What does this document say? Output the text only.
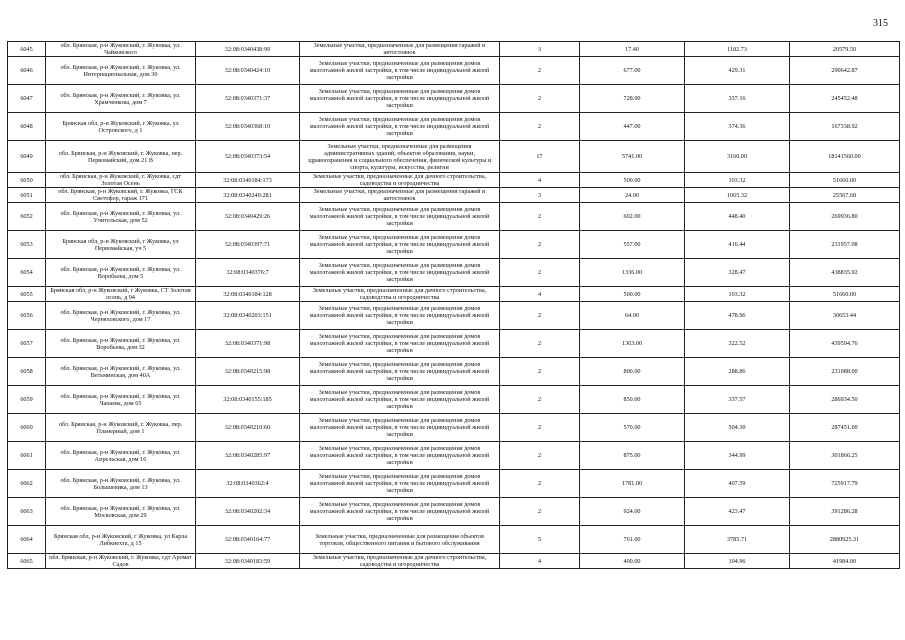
315
6045	обл. Брянская, р-н Жуковский, г. Жуковка, ул. Чайковского	32:08:0340438:99	Земельные участки, предназначенные для размещения гаражей и автостоянок	3	17.40	1182.73	20579.50
6046	обл. Брянская, р-н Жуковский, г. Жуковка, ул. Интернациональная, дом 30	32:08:0340424:10	Земельные участки, предназначенные для размещения домов малоэтажной жилой застройки, в том числе индивидуальной жилой застройки	2	677.00	429.31	290642.87
6047	обл. Брянская, р-н Жуковский, г. Жуковка, ул. Храмченкова, дом 7	32:08:0340371:37	Земельные участки, предназначенные для размещения домов малоэтажной жилой застройки, в том числе индивидуальной жилой застройки	2	728.00	337.16	245452.48
6048	Брянская обл, р-н Жуковский, г Жуковка, ул Островского, д 1	32:08:0340368:10	Земельные участки, предназначенные для размещения домов малоэтажной жилой застройки, в том числе индивидуальной жилой застройки	2	447.00	374.36	167338.92
6049	обл. Брянская, р-н Жуковский, г. Жуковка, пер. Первомайский, дом 21 В	32:08:0340373:54	Земельные участки, предназначенные для размещения административных зданий, объектов образования, науки, здравоохранения и социального обеспечения, физической культуры и спорта, культуры, искусства, религии	17	5741.00	3160.00	18141560.00
6050	обл. Брянская, р-н Жуковский, г. Жуковка, сдт Золотая Осень	32:08:0340184:173	Земельные участки, предназначенные для дачного строительства, садоводства и огородничества	4	500.00	103.32	51660.00
6051	обл. Брянская, р-н Жуковский, г. Жуковка, ГСК Светофор, гараж 171	32:08:0340240:281	Земельные участки, предназначенные для размещения гаражей и автостоянок	3	24.00	1065.32	25567.68
6052	обл. Брянская, р-н Жуковский, г. Жуковка, ул. Учительская, дом 52	32:08:0340429:26	Земельные участки, предназначенные для размещения домов малоэтажной жилой застройки, в том числе индивидуальной жилой застройки	2	602.00	448.40	269936.80
6053	Брянская обл, р-н Жуковский, г Жуковка, ул Первомайская, уч 5	32:08:0340397:71	Земельные участки, предназначенные для размещения домов малоэтажной жилой застройки, в том числе индивидуальной жилой застройки	2	557.00	416.44	231957.08
6054	обл. Брянская, р-н Жуковский, г. Жуковка, ул. Воробьева, дом 5	32:08:0340376:7	Земельные участки, предназначенные для размещения домов малоэтажной жилой застройки, в том числе индивидуальной жилой застройки	2	1336.00	328.47	438835.92
6055	Брянская обл, р-н Жуковский, г Жуковка, СТ Золотая осень, д 94	32:08:0340184:128	Земельные участки, предназначенные для дачного строительства, садоводства и огородничества	4	500.00	103.32	51660.00
6056	обл. Брянская, р-н Жуковский, г. Жуковка, ул. Черняховского, дом 17	32:08:0340203:151	Земельные участки, предназначенные для размещения домов малоэтажной жилой застройки, в том числе индивидуальной жилой застройки	2	64.00	478.96	30653.44
6057	обл. Брянская, р-н Жуковский, г. Жуковка, ул. Воробьева, дом 32	32:08:0340371:98	Земельные участки, предназначенные для размещения домов малоэтажной жилой застройки, в том числе индивидуальной жилой застройки	2	1363.00	322.52	439594.76
6058	обл. Брянская, р-н Жуковский, г. Жуковка, ул. Ветьминская, дом 40А	32:08:0340215:98	Земельные участки, предназначенные для размещения домов малоэтажной жилой застройки, в том числе индивидуальной жилой застройки	2	800.00	288.86	231088.00
6059	обл. Брянская, р-н Жуковский, г. Жуковка, ул. Чапаева, дом 65	32:08:0340155:185	Земельные участки, предназначенные для размещения домов малоэтажной жилой застройки, в том числе индивидуальной жилой застройки	2	850.00	337.57	286934.50
6060	обл. Брянская, р-н Жуковский, г. Жуковка, пер. Планерный, дом 1	32:08:0340210:60	Земельные участки, предназначенные для размещения домов малоэтажной жилой застройки, в том числе индивидуальной жилой застройки	2	570.00	504.30	287451.00
6061	обл. Брянская, р-н Жуковский, г. Жуковка, ул. Апрельская, дом 16	32:08:0340285:97	Земельные участки, предназначенные для размещения домов малоэтажной жилой застройки, в том числе индивидуальной жилой застройки	2	875.00	344.99	301866.25
6062	обл. Брянская, р-н Жуковский, г. Жуковка, ул. Болышевика, дом 13	32:08:0340362:4	Земельные участки, предназначенные для размещения домов малоэтажной жилой застройки, в том числе индивидуальной жилой застройки	2	1781.00	407.59	725917.79
6063	обл. Брянская, р-н Жуковский, г. Жуковка, ул. Московская, дом 29	32:08:0340202:34	Земельные участки, предназначенные для размещения домов малоэтажной жилой застройки, в том числе индивидуальной жилой застройки	2	924.00	423.47	391286.28
6064	Брянская обл, р-н Жуковский, г Жуковка, ул Карла Либкнехта, д 15	32:08:0340164:77	Земельные участки, предназначенные для размещения объектов торговли, общественного питания и бытового обслуживания	5	761.00	3785.71	2880925.31
6065	обл. Брянская, р-н Жуковский, г. Жуковка, сдт Аромат Садов	32:08:0340183:59	Земельные участки, предназначенные для дачного строительства, садоводства и огородничества	4	400.00	104.96	41984.00
